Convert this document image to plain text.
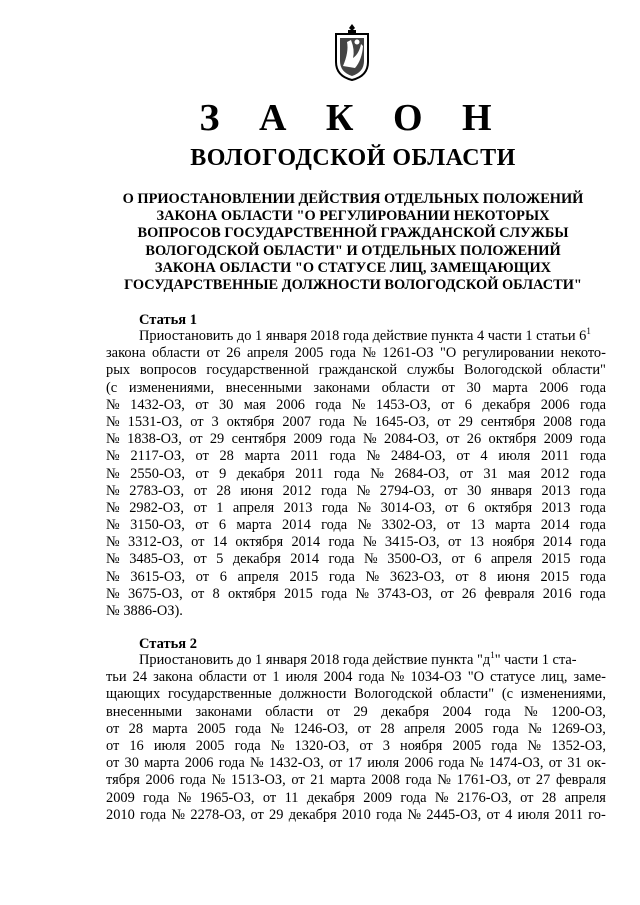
З А К О Н
ВОЛОГОДСКОЙ ОБЛАСТИ
О ПРИОСТАНОВЛЕНИИ ДЕЙСТВИЯ ОТДЕЛЬНЫХ ПОЛОЖЕНИЙ
ЗАКОНА ОБЛАСТИ "О РЕГУЛИРОВАНИИ НЕКОТОРЫХ
ВОПРОСОВ ГОСУДАРСТВЕННОЙ ГРАЖДАНСКОЙ СЛУЖБЫ
ВОЛОГОДСКОЙ ОБЛАСТИ" И ОТДЕЛЬНЫХ ПОЛОЖЕНИЙ
ЗАКОНА ОБЛАСТИ "О СТАТУСЕ ЛИЦ, ЗАМЕЩАЮЩИХ
ГОСУДАРСТВЕННЫЕ ДОЛЖНОСТИ ВОЛОГОДСКОЙ ОБЛАСТИ"
Статья 1
Приостановить до 1 января 2018 года действие пункта 4 части 1 статьи $6^1$
закона области от 26 апреля 2005 года № 1261-ОЗ "О регулировании некото-
рых вопросов государственной гражданской службы Вологодской области"
(с изменениями, внесенными законами области от 30 марта 2006 года
№ 1432-ОЗ, от 30 мая 2006 года № 1453-ОЗ, от 6 декабря 2006 года
№ 1531-ОЗ, от 3 октября 2007 года № 1645-ОЗ, от 29 сентября 2008 года
№ 1838-ОЗ, от 29 сентября 2009 года № 2084-ОЗ, от 26 октября 2009 года
№ 2117-ОЗ, от 28 марта 2011 года № 2484-ОЗ, от 4 июля 2011 года
№ 2550-ОЗ, от 9 декабря 2011 года № 2684-ОЗ, от 31 мая 2012 года
№ 2783-ОЗ, от 28 июня 2012 года № 2794-ОЗ, от 30 января 2013 года
№ 2982-ОЗ, от 1 апреля 2013 года № 3014-ОЗ, от 6 октября 2013 года
№ 3150-ОЗ, от 6 марта 2014 года № 3302-ОЗ, от 13 марта 2014 года
№ 3312-ОЗ, от 14 октября 2014 года № 3415-ОЗ, от 13 ноября 2014 года
№ 3485-ОЗ, от 5 декабря 2014 года № 3500-ОЗ, от 6 апреля 2015 года
№ 3615-ОЗ, от 6 апреля 2015 года № 3623-ОЗ, от 8 июня 2015 года
№ 3675-ОЗ, от 8 октября 2015 года № 3743-ОЗ, от 26 февраля 2016 года
№ 3886-ОЗ).
Статья 2
Приостановить до 1 января 2018 года действие пункта "$д^1$" части 1 ста-
тьи 24 закона области от 1 июля 2004 года № 1034-ОЗ "О статусе лиц, заме-
щающих государственные должности Вологодской области" (с изменениями,
внесенными законами области от 29 декабря 2004 года № 1200-ОЗ,
от 28 марта 2005 года № 1246-ОЗ, от 28 апреля 2005 года № 1269-ОЗ,
от 16 июля 2005 года № 1320-ОЗ, от 3 ноября 2005 года № 1352-ОЗ,
от 30 марта 2006 года № 1432-ОЗ, от 17 июля 2006 года № 1474-ОЗ, от 31 ок-
тября 2006 года № 1513-ОЗ, от 21 марта 2008 года № 1761-ОЗ, от 27 февраля
2009 года № 1965-ОЗ, от 11 декабря 2009 года № 2176-ОЗ, от 28 апреля
2010 года № 2278-ОЗ, от 29 декабря 2010 года № 2445-ОЗ, от 4 июля 2011 го-
